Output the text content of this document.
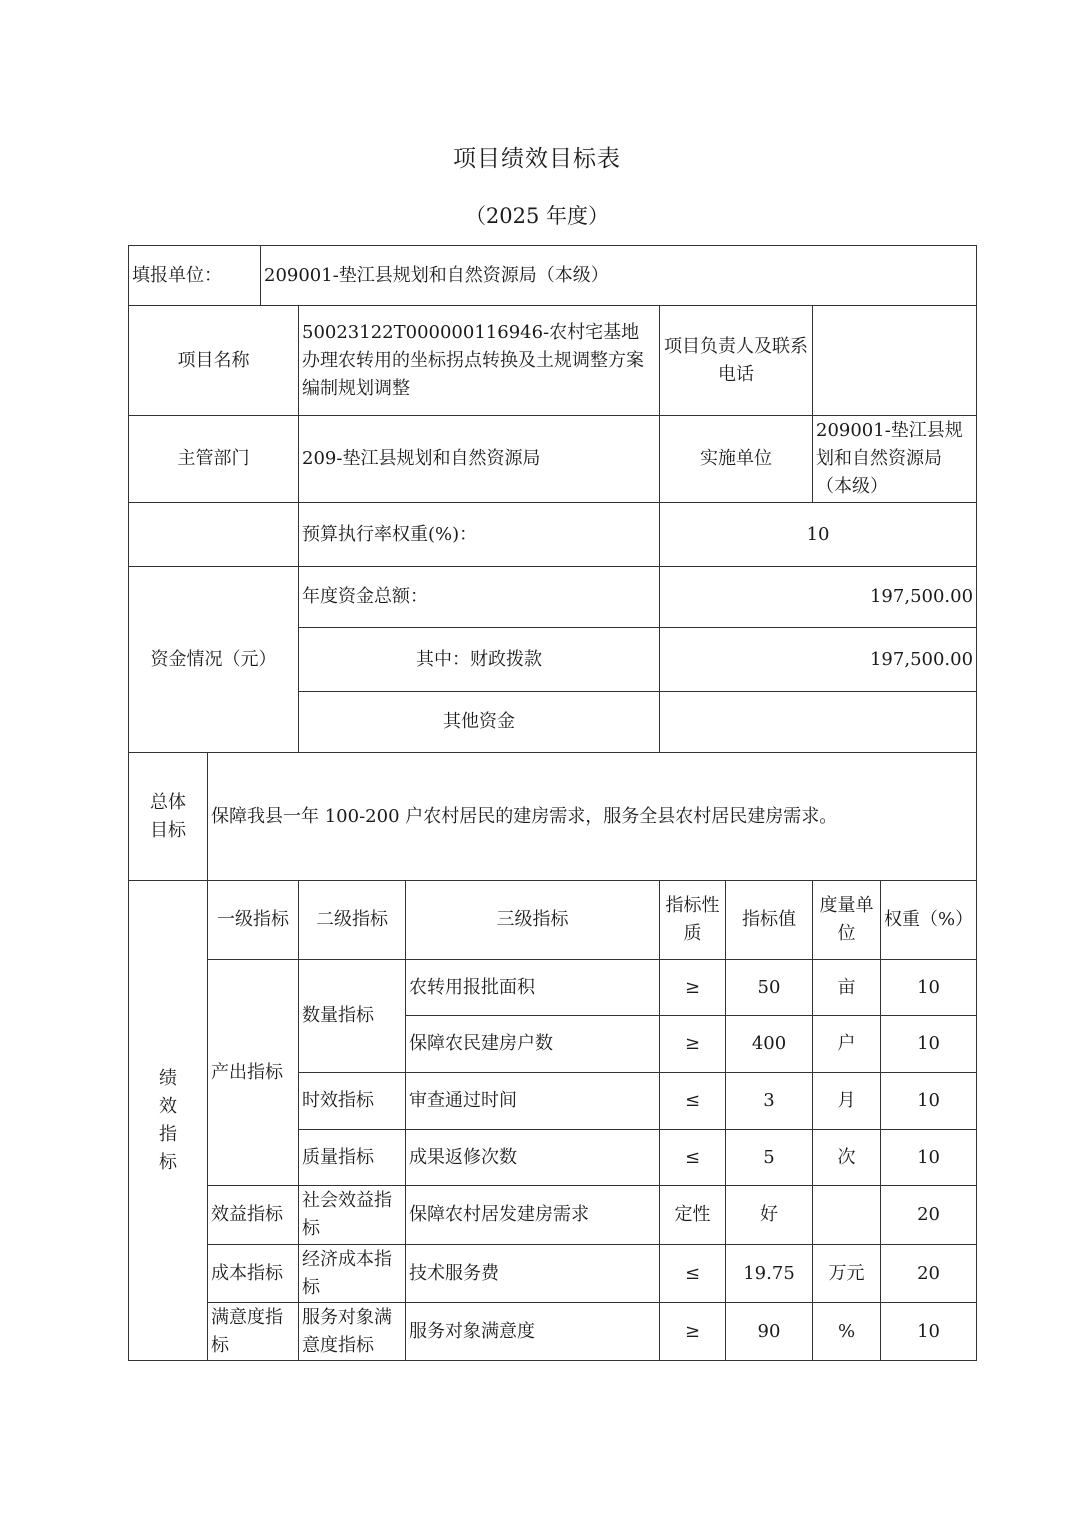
项目绩效目标表
（2025 年度）
填报单位：		209001-垫江县规划和自然资源局（本级）						
项目名称			50023122T000000116946-农村宅基地办理农转用的坐标拐点转换及土规调整方案编制规划调整		项目负责人及联系电话			
主管部门			209-垫江县规划和自然资源局		实施单位		209001-垫江县规划和自然资源局（本级）	
			预算执行率权重(%)：		10			
资金情况（元）			年度资金总额：		197,500.00			
			其中：财政拨款		197,500.00			
			其他资金					
总体目标	保障我县一年 100-200 户农村居民的建房需求，服务全县农村居民建房需求。							
绩效指标	一级指标		二级指标	三级指标	指标性质	指标值	度量单位	权重（%）
	产出指标		数量指标	农转用报批面积	≥	50	亩	10
				保障农民建房户数	≥	400	户	10
			时效指标	审查通过时间	≤	3	月	10
			质量指标	成果返修次数	≤	5	次	10
	效益指标		社会效益指标	保障农村居发建房需求	定性	好		20
	成本指标		经济成本指标	技术服务费	≤	19.75	万元	20
	满意度指标		服务对象满意度指标	服务对象满意度	≥	90	%	10
